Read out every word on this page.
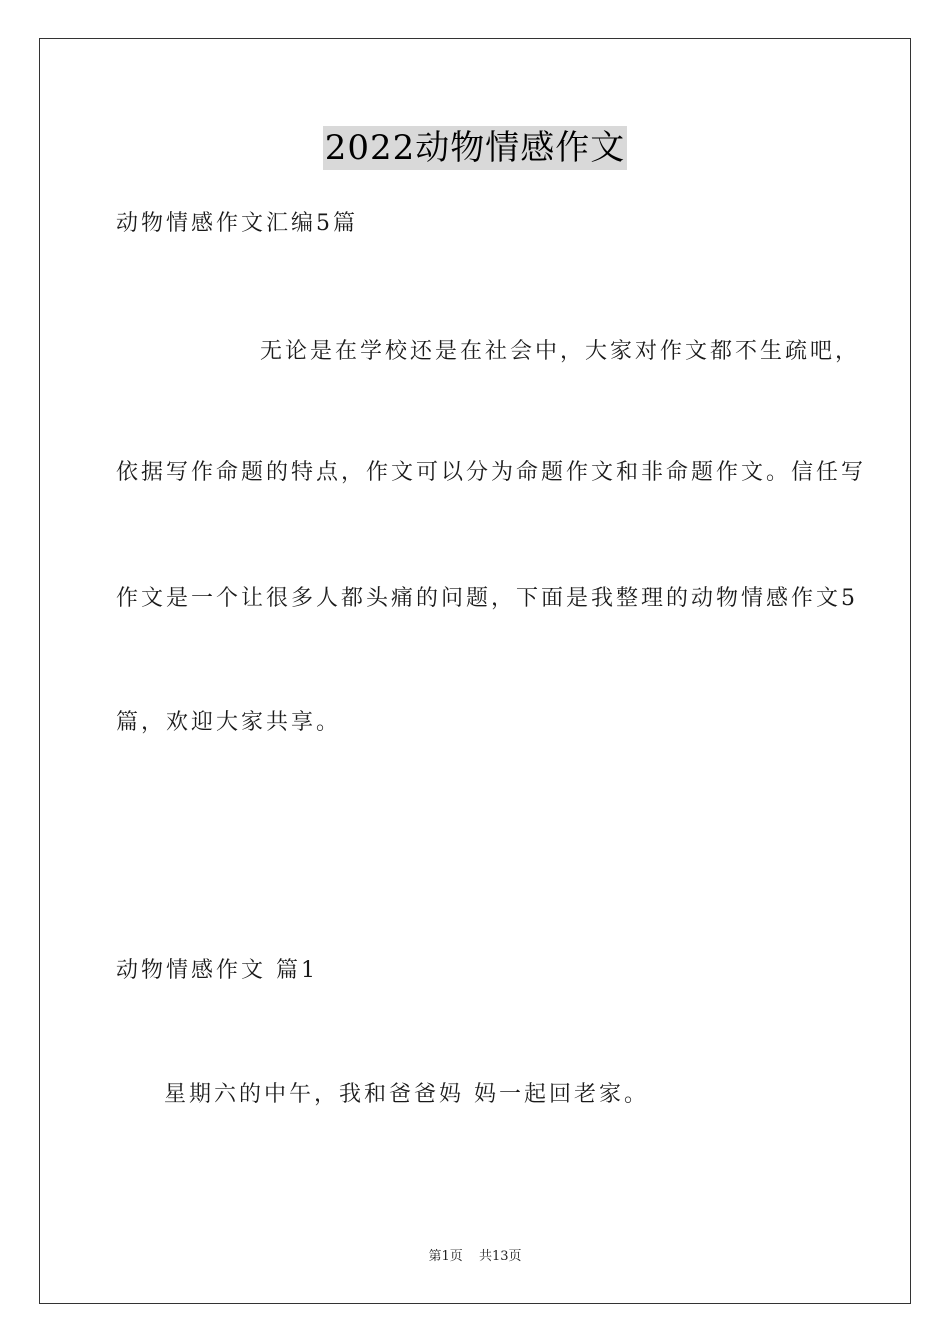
2022动物情感作文
动物情感作文汇编5篇
无论是在学校还是在社会中，大家对作文都不生疏吧，
依据写作命题的特点，作文可以分为命题作文和非命题作文。信任写
作文是一个让很多人都头痛的问题，下面是我整理的动物情感作文5
篇，欢迎大家共享。
动物情感作文 篇1
星期六的中午，我和爸爸妈 妈一起回老家。
第1页 共13页
